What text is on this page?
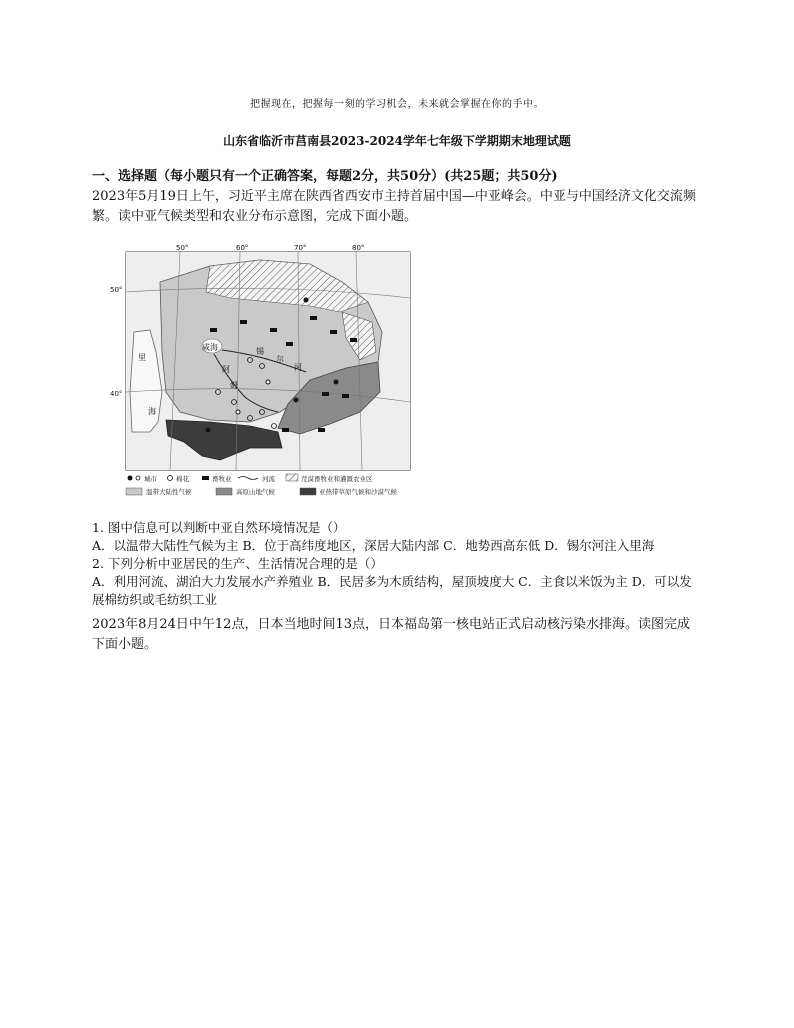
把握现在，把握每一刻的学习机会，未来就会掌握在你的手中。
山东省临沂市莒南县2023-2024学年七年级下学期期末地理试题
一、选择题（每小题只有一个正确答案，每题2分，共50分）(共25题；共50分)
2023年5月19日上午，习近平主席在陕西省西安市主持首届中国—中亚峰会。中亚与中国经济文化交流频繁。读中亚气候类型和农业分布示意图，完成下面小题。
50°	60°	70°	80°
50°
40°
咸海	锡
尔
河
阿
姆
里
海
城市	棉花	畜牧业	河流	荒漠畜牧业和灌溉农业区
温带大陆性气候	高原山地气候	亚热带草原气候和沙漠气候
1. 图中信息可以判断中亚自然环境情况是（）
A．以温带大陆性气候为主 B．位于高纬度地区，深居大陆内部 C．地势西高东低 D．锡尔河注入里海
2. 下列分析中亚居民的生产、生活情况合理的是（）
A．利用河流、湖泊大力发展水产养殖业 B．民居多为木质结构，屋顶坡度大 C．主食以米饭为主 D．可以发展棉纺织或毛纺织工业
2023年8月24日中午12点，日本当地时间13点，日本福岛第一核电站正式启动核污染水排海。读图完成下面小题。
